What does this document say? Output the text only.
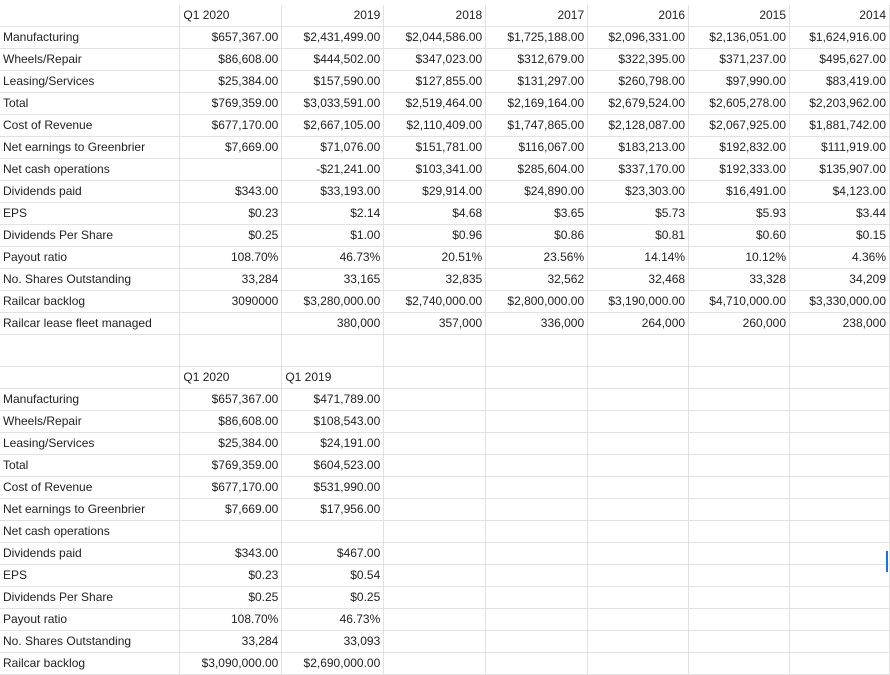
	Q1 2020	2019	2018	2017	2016	2015	2014
Manufacturing	$657,367.00	$2,431,499.00	$2,044,586.00	$1,725,188.00	$2,096,331.00	$2,136,051.00	$1,624,916.00
Wheels/Repair	$86,608.00	$444,502.00	$347,023.00	$312,679.00	$322,395.00	$371,237.00	$495,627.00
Leasing/Services	$25,384.00	$157,590.00	$127,855.00	$131,297.00	$260,798.00	$97,990.00	$83,419.00
Total	$769,359.00	$3,033,591.00	$2,519,464.00	$2,169,164.00	$2,679,524.00	$2,605,278.00	$2,203,962.00
Cost of Revenue	$677,170.00	$2,667,105.00	$2,110,409.00	$1,747,865.00	$2,128,087.00	$2,067,925.00	$1,881,742.00
Net earnings to Greenbrier	$7,669.00	$71,076.00	$151,781.00	$116,067.00	$183,213.00	$192,832.00	$111,919.00
Net cash operations		-$21,241.00	$103,341.00	$285,604.00	$337,170.00	$192,333.00	$135,907.00
Dividends paid	$343.00	$33,193.00	$29,914.00	$24,890.00	$23,303.00	$16,491.00	$4,123.00
EPS	$0.23	$2.14	$4.68	$3.65	$5.73	$5.93	$3.44
Dividends Per Share	$0.25	$1.00	$0.96	$0.86	$0.81	$0.60	$0.15
Payout ratio	108.70%	46.73%	20.51%	23.56%	14.14%	10.12%	4.36%
No. Shares Outstanding	33,284	33,165	32,835	32,562	32,468	33,328	34,209
Railcar backlog	3090000	$3,280,000.00	$2,740,000.00	$2,800,000.00	$3,190,000.00	$4,710,000.00	$3,330,000.00
Railcar lease fleet managed		380,000	357,000	336,000	264,000	260,000	238,000

	Q1 2020	Q1 2019					
Manufacturing	$657,367.00	$471,789.00					
Wheels/Repair	$86,608.00	$108,543.00					
Leasing/Services	$25,384.00	$24,191.00					
Total	$769,359.00	$604,523.00					
Cost of Revenue	$677,170.00	$531,990.00					
Net earnings to Greenbrier	$7,669.00	$17,956.00					
Net cash operations							
Dividends paid	$343.00	$467.00					
EPS	$0.23	$0.54					
Dividends Per Share	$0.25	$0.25					
Payout ratio	108.70%	46.73%					
No. Shares Outstanding	33,284	33,093					
Railcar backlog	$3,090,000.00	$2,690,000.00					
